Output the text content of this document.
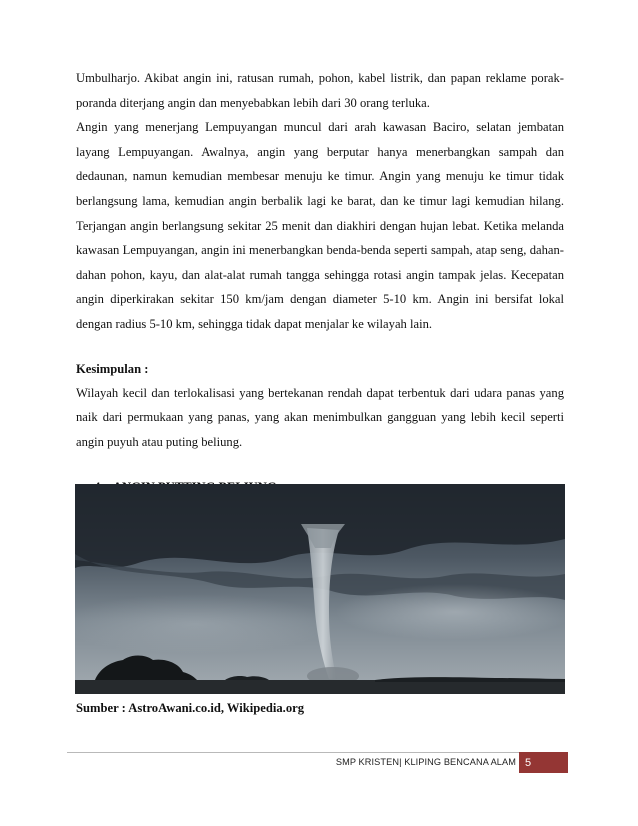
Umbulharjo. Akibat angin ini, ratusan rumah, pohon, kabel listrik, dan papan reklame porak-poranda diterjang angin dan menyebabkan lebih dari 30 orang terluka.

Angin yang menerjang Lempuyangan muncul dari arah kawasan Baciro, selatan jembatan layang Lempuyangan. Awalnya, angin yang berputar hanya menerbangkan sampah dan dedaunan, namun kemudian membesar menuju ke timur. Angin yang menuju ke timur tidak berlangsung lama, kemudian angin berbalik lagi ke barat, dan ke timur lagi kemudian hilang. Terjangan angin berlangsung sekitar 25 menit dan diakhiri dengan hujan lebat. Ketika melanda kawasan Lempuyangan, angin ini menerbangkan benda-benda seperti sampah, atap seng, dahan-dahan pohon, kayu, dan alat-alat rumah tangga sehingga rotasi angin tampak jelas. Kecepatan angin diperkirakan sekitar 150 km/jam dengan diameter 5-10 km. Angin ini bersifat lokal dengan radius 5-10 km, sehingga tidak dapat menjalar ke wilayah lain.

Kesimpulan :

Wilayah kecil dan terlokalisasi yang bertekanan rendah dapat terbentuk dari udara panas yang naik dari permukaan yang panas, yang akan menimbulkan gangguan yang lebih kecil seperti angin puyuh atau puting beliung.

Sumber : AstroAwani.co.id, Wikipedia.org
SMP KRISTEN| KLIPING BENCANA ALAM 5
